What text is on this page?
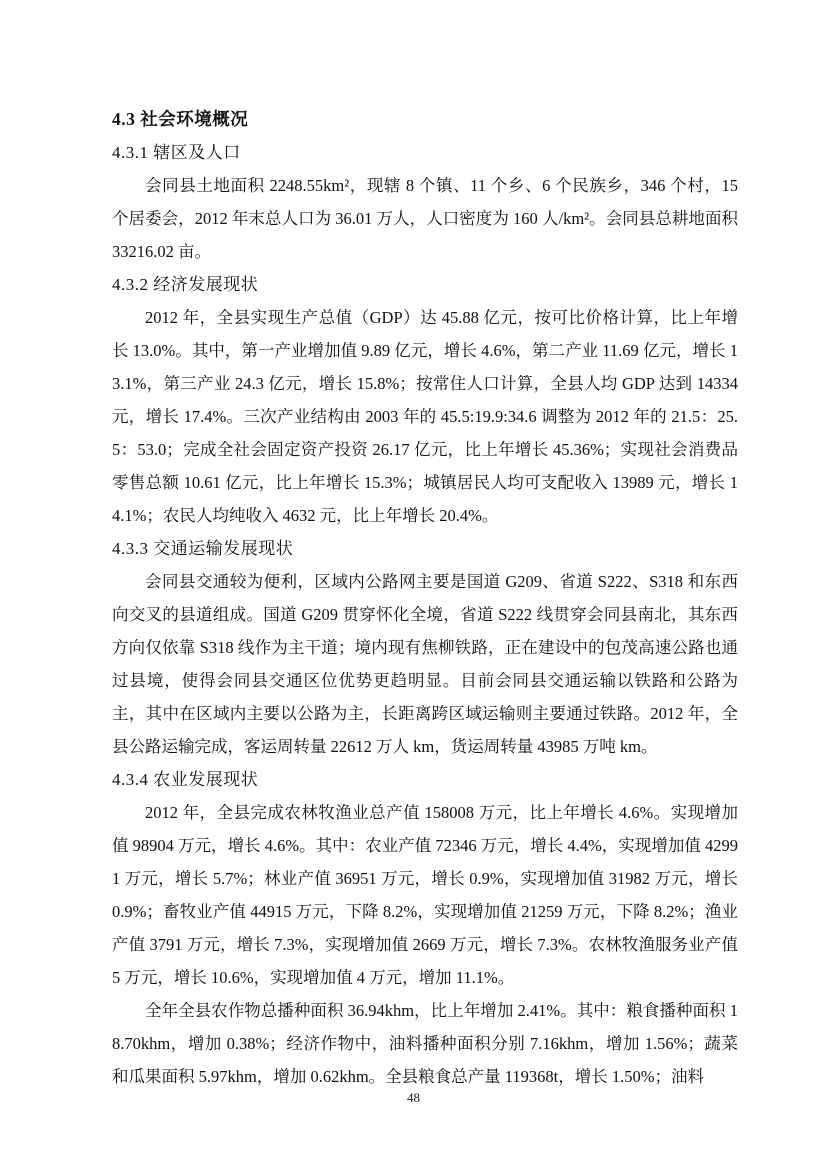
4.3 社会环境概况
4.3.1 辖区及人口

会同县土地面积 2248.55km²，现辖 8 个镇、11 个乡、6 个民族乡，346 个村，15 个居委会，2012 年末总人口为 36.01 万人，人口密度为 160 人/km²。会同县总耕地面积 33216.02 亩。

4.3.2 经济发展现状

2012 年，全县实现生产总值（GDP）达 45.88 亿元，按可比价格计算，比上年增长 13.0%。其中，第一产业增加值 9.89 亿元，增长 4.6%，第二产业 11.69 亿元，增长 13.1%，第三产业 24.3 亿元，增长 15.8%；按常住人口计算，全县人均 GDP 达到 14334 元，增长 17.4%。三次产业结构由 2003 年的 45.5:19.9:34.6 调整为 2012 年的 21.5：25.5：53.0；完成全社会固定资产投资 26.17 亿元，比上年增长 45.36%；实现社会消费品零售总额 10.61 亿元，比上年增长 15.3%；城镇居民人均可支配收入 13989 元，增长 14.1%；农民人均纯收入 4632 元，比上年增长 20.4%。

4.3.3 交通运输发展现状

会同县交通较为便利，区域内公路网主要是国道 G209、省道 S222、S318 和东西向交叉的县道组成。国道 G209 贯穿怀化全境，省道 S222 线贯穿会同县南北，其东西方向仅依靠 S318 线作为主干道；境内现有焦柳铁路，正在建设中的包茂高速公路也通过县境，使得会同县交通区位优势更趋明显。目前会同县交通运输以铁路和公路为主，其中在区域内主要以公路为主，长距离跨区域运输则主要通过铁路。2012 年，全县公路运输完成，客运周转量 22612 万人 km，货运周转量 43985 万吨 km。

4.3.4 农业发展现状

2012 年，全县完成农林牧渔业总产值 158008 万元，比上年增长 4.6%。实现增加值 98904 万元，增长 4.6%。其中：农业产值 72346 万元，增长 4.4%，实现增加值 42991 万元，增长 5.7%；林业产值 36951 万元，增长 0.9%，实现增加值 31982 万元，增长 0.9%；畜牧业产值 44915 万元，下降 8.2%，实现增加值 21259 万元，下降 8.2%；渔业产值 3791 万元，增长 7.3%，实现增加值 2669 万元，增长 7.3%。农林牧渔服务业产值 5 万元，增长 10.6%，实现增加值 4 万元，增加 11.1%。

全年全县农作物总播种面积 36.94khm，比上年增加 2.41%。其中：粮食播种面积 18.70khm，增加 0.38%；经济作物中，油料播种面积分别 7.16khm，增加 1.56%；蔬菜和瓜果面积 5.97khm，增加 0.62khm。全县粮食总产量 119368t，增长 1.50%；油料

48
